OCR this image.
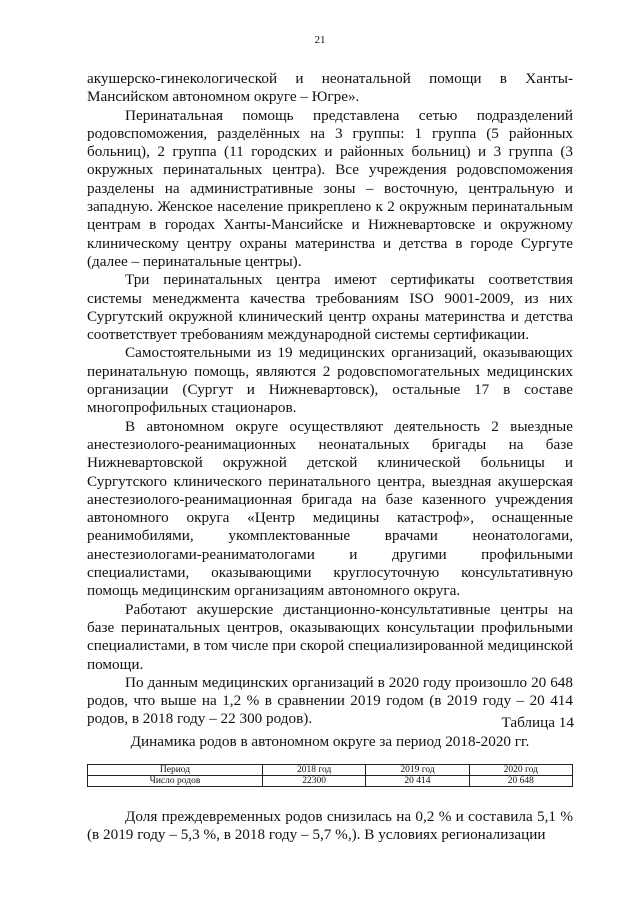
21

акушерско-гинекологической и неонатальной помощи в Ханты-Мансийском автономном округе – Югре».

Перинатальная помощь представлена сетью подразделений родовспоможения, разделённых на 3 группы: 1 группа (5 районных больниц), 2 группа (11 городских и районных больниц) и 3 группа (3 окружных перинатальных центра). Все учреждения родовспоможения разделены на административные зоны – восточную, центральную и западную. Женское население прикреплено к 2 окружным перинатальным центрам в городах Ханты-Мансийске и Нижневартовске и окружному клиническому центру охраны материнства и детства в городе Сургуте (далее – перинатальные центры).

Три перинатальных центра имеют сертификаты соответствия системы менеджмента качества требованиям ISO 9001-2009, из них Сургутский окружной клинический центр охраны материнства и детства соответствует требованиям международной системы сертификации.

Самостоятельными из 19 медицинских организаций, оказывающих перинатальную помощь, являются 2 родовспомогательных медицинских организации (Сургут и Нижневартовск), остальные 17 в составе многопрофильных стационаров.

В автономном округе осуществляют деятельность 2 выездные анестезиолого-реанимационных неонатальных бригады на базе Нижневартовской окружной детской клинической больницы и Сургутского клинического перинатального центра, выездная акушерская анестезиолого-реанимационная бригада на базе казенного учреждения автономного округа «Центр медицины катастроф», оснащенные реанимобилями, укомплектованные врачами неонатологами, анестезиологами-реаниматологами и другими профильными специалистами, оказывающими круглосуточную консультативную помощь медицинским организациям автономного округа.

Работают акушерские дистанционно-консультативные центры на базе перинатальных центров, оказывающих консультации профильными специалистами, в том числе при скорой специализированной медицинской помощи.

По данным медицинских организаций в 2020 году произошло 20 648 родов, что выше на 1,2 % в сравнении 2019 годом (в 2019 году – 20 414 родов, в 2018 году – 22 300 родов).	Таблица 14
Динамика родов в автономном округе за период 2018-2020 гг.
Период	2018 год	2019 год	2020 год
Число родов	22300	20 414	20 648

Доля преждевременных родов снизилась на 0,2 % и составила 5,1 % (в 2019 году – 5,3 %, в 2018 году – 5,7 %,). В условиях регионализации
